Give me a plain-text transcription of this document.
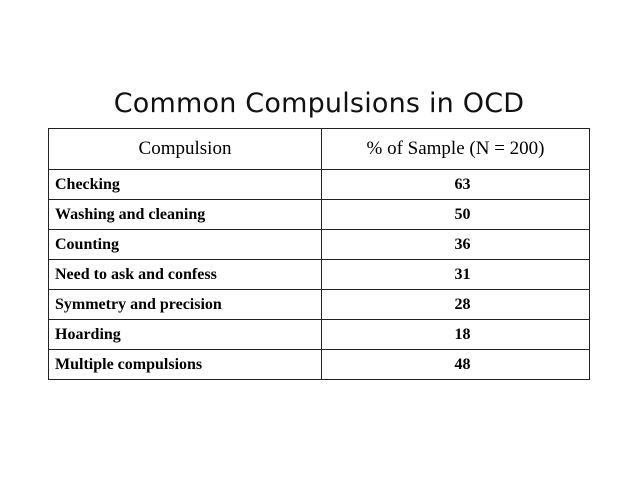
Common Compulsions in OCD
Compulsion	% of Sample (N = 200)
Checking	63
Washing and cleaning	50
Counting	36
Need to ask and confess	31
Symmetry and precision	28
Hoarding	18
Multiple compulsions	48
